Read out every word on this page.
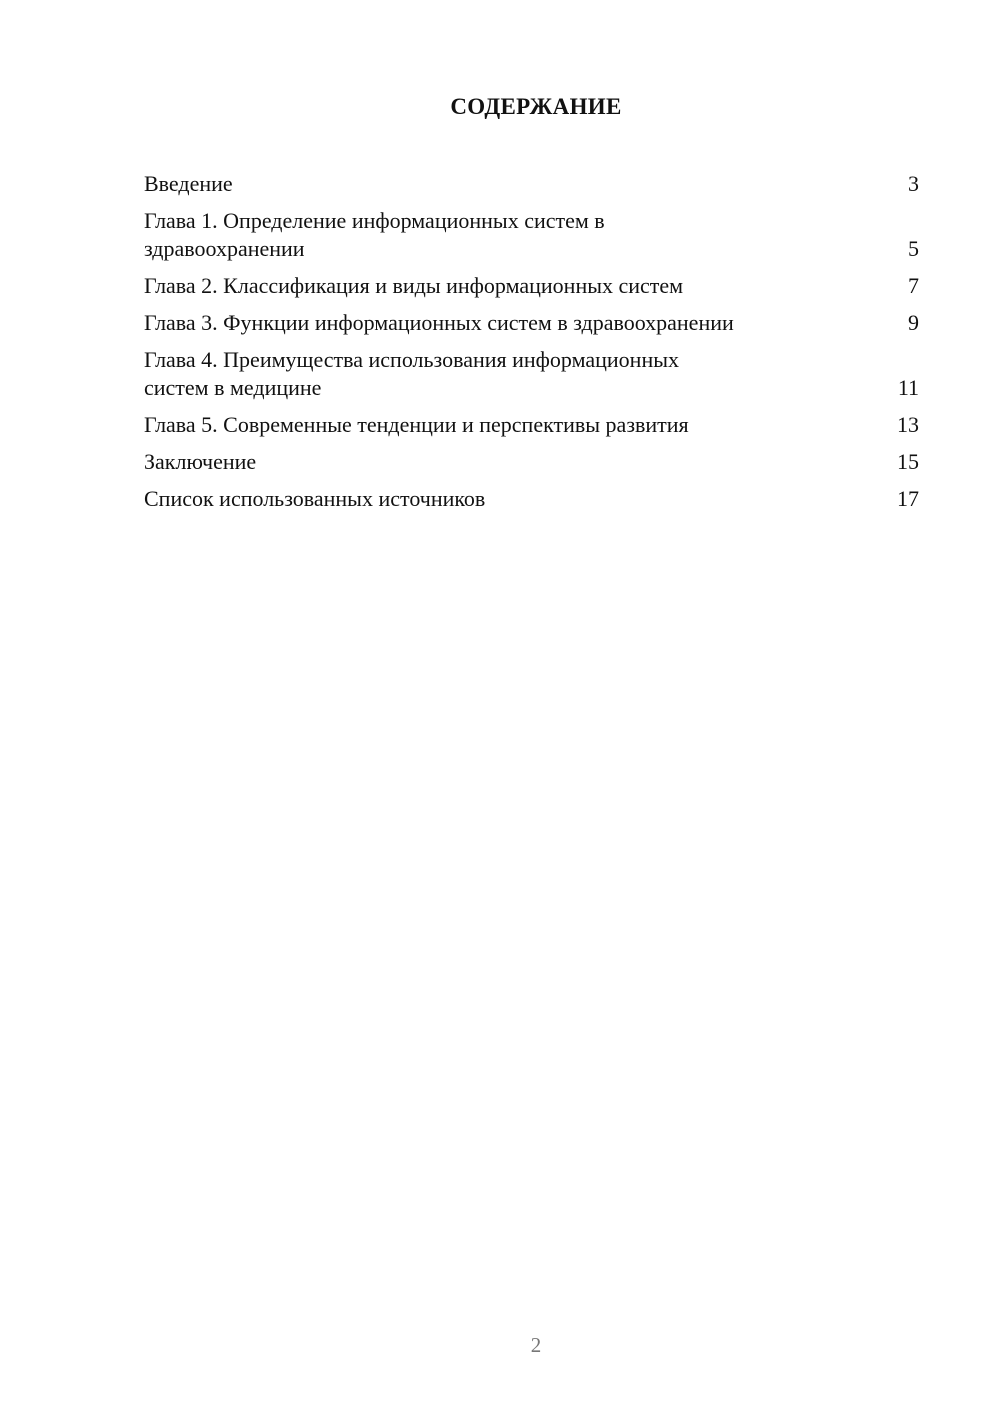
СОДЕРЖАНИЕ
Введение	3
Глава 1. Определение информационных систем в
здравоохранении	5
Глава 2. Классификация и виды информационных систем	7
Глава 3. Функции информационных систем в здравоохранении	9
Глава 4. Преимущества использования информационных
систем в медицине	11
Глава 5. Современные тенденции и перспективы развития	13
Заключение	15
Список использованных источников	17
2
